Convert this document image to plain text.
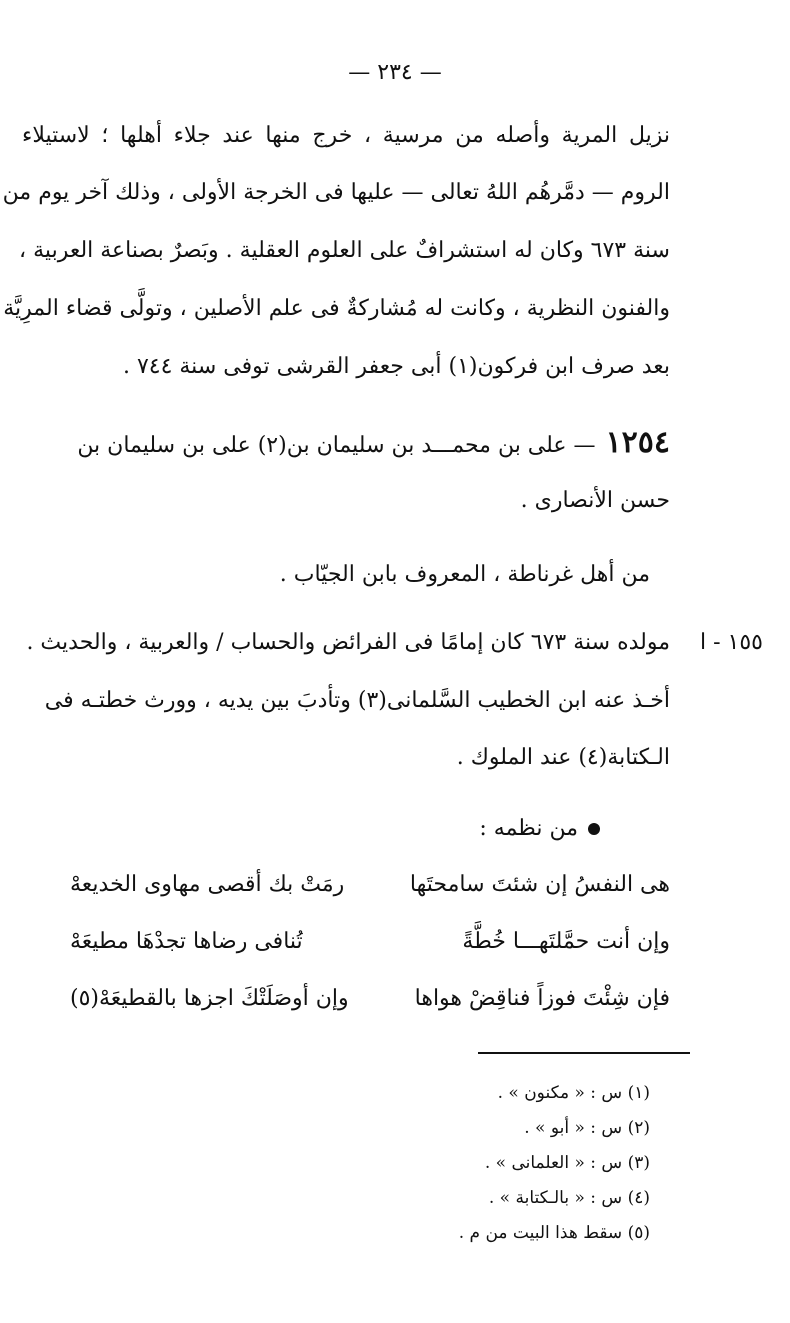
— ٢٣٤ —
نزيل المرية وأصله من مرسية ، خرج منها عند جلاء أهلها ؛ لاستيلاء
الروم — دمَّرهُم اللهُ تعالى — عليها فى الخرجة الأولى ، وذلك آخر يوم من
سنة ٦٧٣ وكان له استشرافٌ على العلوم العقلية . وبَصرٌ بصناعة العربية ،
والفنون النظرية ، وكانت له مُشاركةٌ فى علم الأصلين ، وتولَّى قضاء المرِيَّة
بعد صرف ابن فركون(١) أبى جعفر القرشى توفى سنة ٧٤٤ .
١٢٥٤
— على بن محمـــد بن سليمان بن(٢) على بن سليمان بن
حسن الأنصارى .
من أهل غرناطة ، المعروف بابن الجيّاب .
١٥٥ - ا
مولده سنة ٦٧٣ كان إمامًا فى الفرائض والحساب / والعربية ، والحديث .
أخـذ عنه ابن الخطيب السَّلمانى(٣) وتأدبَ بين يديه ، وورث خطتـه فى
الـكتابة(٤) عند الملوك .
من نظمه :
هى النفسُ إن شئتَ سامحتَها
رمَتْ بك أقصى مهاوى الخديعهْ
وإن أنت حمَّلتَهـــا خُطَّةً
تُنافى رضاها تجدْهَا مطيعَهْ
فإن شِئْتَ فوزاً فناقِضْ هواها
وإن أوصَلَتْكَ اجزها بالقطيعَهْ(٥)
(١) س : « مكنون » .
(٢) س : « أبو » .
(٣) س : « العلمانى » .
(٤) س : « بالـكتابة » .
(٥) سقط هذا البيت من م .
